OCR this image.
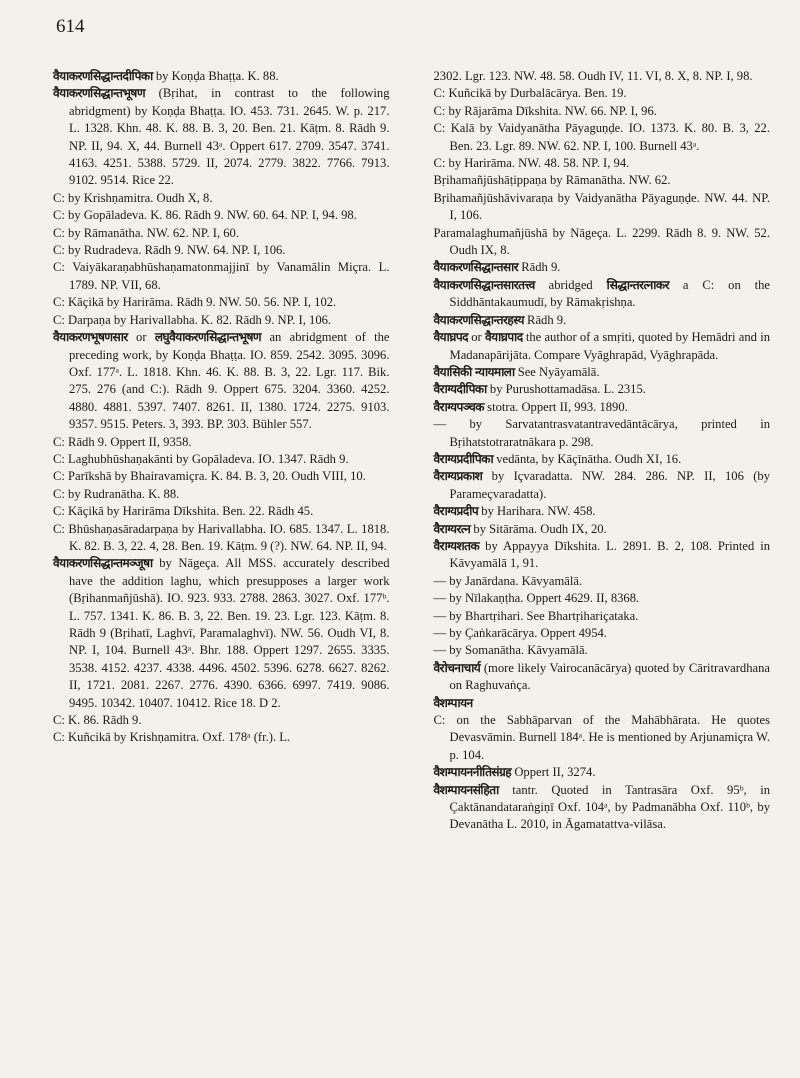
614

वैयाकरणसिद्धान्तदीपिका by Koṇḍa Bhaṭṭa. K. 88.

वैयाकरणसिद्धान्तभूषण (Bṛihat, in contrast to the following abridgment) by Koṇḍa Bhaṭṭa. IO. 453. 731. 2645. W. p. 217. L. 1328. Khn. 48. K. 88. B. 3, 20. Ben. 21. Kāṭm. 8. Rādh 9. NP. II, 94. X, 44. Burnell 43ᵃ. Oppert 617. 2709. 3547. 3741. 4163. 4251. 5388. 5729. II, 2074. 2779. 3822. 7766. 7913. 9102. 9514. Rice 22.

C: by Krishṇamitra. Oudh X, 8.

C: by Gopāladeva. K. 86. Rādh 9. NW. 60. 64. NP. I, 94. 98.

C: by Rāmanātha. NW. 62. NP. I, 60.

C: by Rudradeva. Rādh 9. NW. 64. NP. I, 106.

C: Vaiyākaraṇabhūshaṇamatonmajjinī by Vanamālin Miçra. L. 1789. NP. VII, 68.

C: Kāçikā by Harirāma. Rādh 9. NW. 50. 56. NP. I, 102.

C: Darpaṇa by Harivallabha. K. 82. Rādh 9. NP. I, 106.

वैयाकरणभूषणसार or लघुवैयाकरणसिद्धान्तभूषण an abridgment of the preceding work, by Koṇḍa Bhaṭṭa. IO. 859. 2542. 3095. 3096. Oxf. 177ᵃ. L. 1818. Khn. 46. K. 88. B. 3, 22. Lgr. 117. Bik. 275. 276 (and C:). Rādh 9. Oppert 675. 3204. 3360. 4252. 4880. 4881. 5397. 7407. 8261. II, 1380. 1724. 2275. 9103. 9357. 9515. Peters. 3, 393. BP. 303. Bühler 557.

C: Rādh 9. Oppert II, 9358.

C: Laghubhūshaṇakānti by Gopāladeva. IO. 1347. Rādh 9.

C: Parīkshā by Bhairavamiçra. K. 84. B. 3, 20. Oudh VIII, 10.

C: by Rudranātha. K. 88.

C: Kāçikā by Harirāma Dīkshita. Ben. 22. Rādh 45.

C: Bhūshaṇasāradarpaṇa by Harivallabha. IO. 685. 1347. L. 1818. K. 82. B. 3, 22. 4, 28. Ben. 19. Kāṭm. 9 (?). NW. 64. NP. II, 94.

वैयाकरणसिद्धान्तमञ्जूषा by Nāgeça. All MSS. accurately described have the addition laghu, which presupposes a larger work (Bṛihanmañjūshā). IO. 923. 933. 2788. 2863. 3027. Oxf. 177ᵇ. L. 757. 1341. K. 86. B. 3, 22. Ben. 19. 23. Lgr. 123. Kāṭm. 8. Rādh 9 (Bṛihatī, Laghvī, Paramalaghvī). NW. 56. Oudh VI, 8. NP. I, 104. Burnell 43ᵃ. Bhr. 188. Oppert 1297. 2655. 3335. 3538. 4152. 4237. 4338. 4496. 4502. 5396. 6278. 6627. 8262. II, 1721. 2081. 2267. 2776. 4390. 6366. 6997. 7419. 9086. 9495. 10342. 10407. 10412. Rice 18. D 2.

C: K. 86. Rādh 9.

C: Kuñcikā by Krishṇamitra. Oxf. 178ᵃ (fr.). L.

2302. Lgr. 123. NW. 48. 58. Oudh IV, 11. VI, 8. X, 8. NP. I, 98.

C: Kuñcikā by Durbalācārya. Ben. 19.

C: by Rājarāma Dīkshita. NW. 66. NP. I, 96.

C: Kalā by Vaidyanātha Pāyaguṇḍe. IO. 1373. K. 80. B. 3, 22. Ben. 23. Lgr. 89. NW. 62. NP. I, 100. Burnell 43ᵃ.

C: by Harirāma. NW. 48. 58. NP. I, 94.

Bṛihamañjūshāṭippaṇa by Rāmanātha. NW. 62.

Bṛihamañjūshāvivaraṇa by Vaidyanātha Pāyaguṇḍe. NW. 44. NP. I, 106.

Paramalaghumañjūshā by Nāgeça. L. 2299. Rādh 8. 9. NW. 52. Oudh IX, 8.

वैयाकरणसिद्धान्तसार Rādh 9.

वैयाकरणसिद्धान्तसारतत्त्व abridged सिद्धान्तरत्नाकर a C: on the Siddhāntakaumudī, by Rāmakṛishṇa.

वैयाकरणसिद्धान्तरहस्य Rādh 9.

वैयाघ्रपद or वैयाघ्रपाद the author of a smṛiti, quoted by Hemādri and in Madanapārijāta. Compare Vyāghrapād, Vyāghrapāda.

वैयासिकी न्यायमाला See Nyāyamālā.

वैराग्यदीपिका by Purushottamadāsa. L. 2315.

वैराग्यपञ्चक stotra. Oppert II, 993. 1890.

— by Sarvatantrasvatantravedāntācārya, printed in Bṛihatstotraratnākara p. 298.

वैराग्यप्रदीपिका vedānta, by Kāçīnātha. Oudh XI, 16.

वैराग्यप्रकाश by Içvaradatta. NW. 284. 286. NP. II, 106 (by Parameçvaradatta).

वैराग्यप्रदीप by Harihara. NW. 458.

वैराग्यरत्न by Sitārāma. Oudh IX, 20.

वैराग्यशतक by Appayya Dīkshita. L. 2891. B. 2, 108. Printed in Kāvyamālā 1, 91.

— by Janārdana. Kāvyamālā.

— by Nīlakaṇṭha. Oppert 4629. II, 8368.

— by Bhartṛihari. See Bhartṛihariçataka.

— by Çaṅkarācārya. Oppert 4954.

— by Somanātha. Kāvyamālā.

वैरोचनाचार्य (more likely Vairocanācārya) quoted by Cāritravardhana on Raghuvaṅça.

वैशम्पायन

C: on the Sabhāparvan of the Mahābhārata. He quotes Devasvāmin. Burnell 184ᵃ. He is mentioned by Arjunamiçra W. p. 104.

वैशम्पायननीतिसंग्रह Oppert II, 3274.

वैशम्पायनसंहिता tantr. Quoted in Tantrasāra Oxf. 95ᵇ, in Çaktānandataraṅgiṇī Oxf. 104ᵃ, by Padmanābha Oxf. 110ᵇ, by Devanātha L. 2010, in Āgamatattva-vilāsa.
